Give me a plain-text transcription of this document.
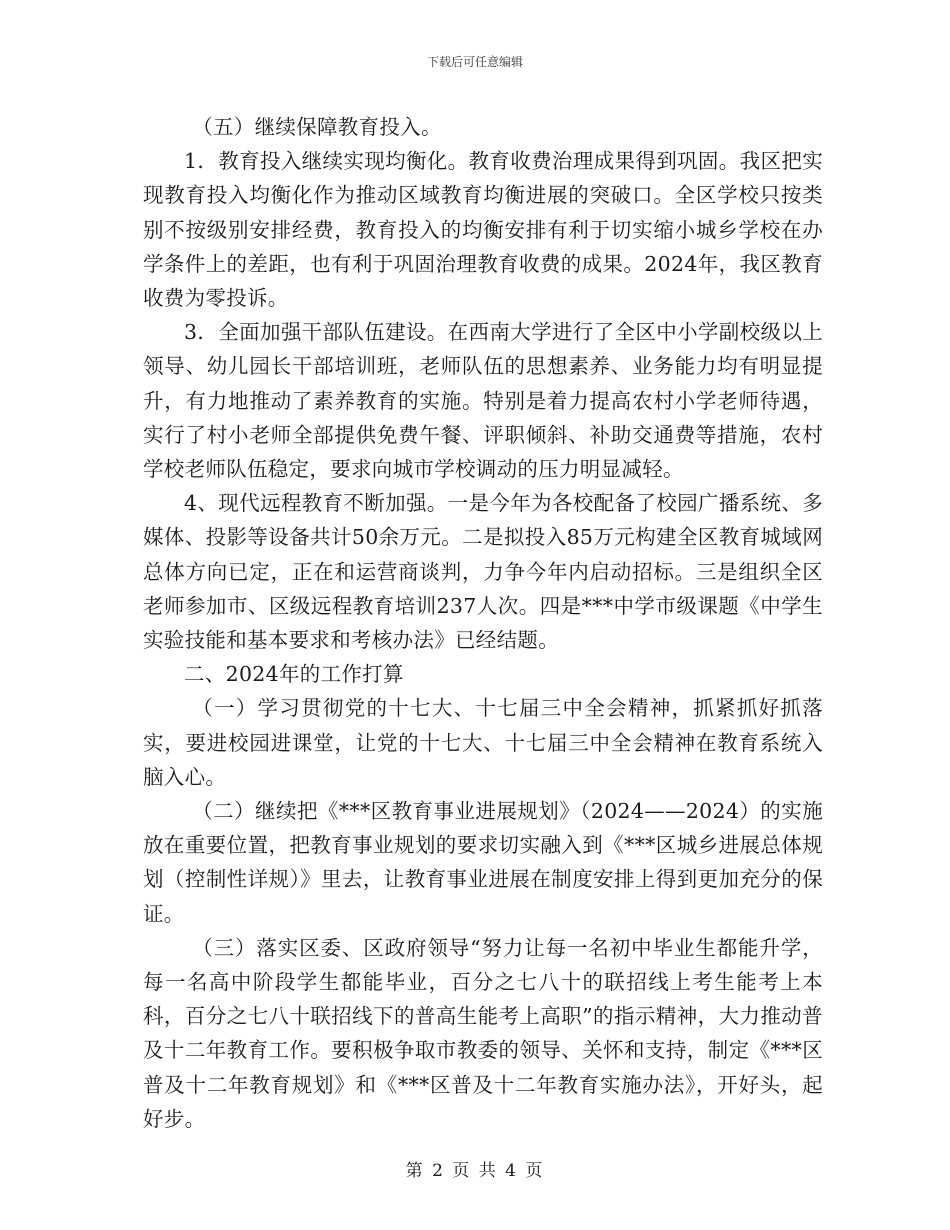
下载后可任意编辑

（五）继续保障教育投入。

1．教育投入继续实现均衡化。教育收费治理成果得到巩固。我区把实现教育投入均衡化作为推动区域教育均衡进展的突破口。全区学校只按类别不按级别安排经费，教育投入的均衡安排有利于切实缩小城乡学校在办学条件上的差距，也有利于巩固治理教育收费的成果。2024年，我区教育收费为零投诉。

3．全面加强干部队伍建设。在西南大学进行了全区中小学副校级以上领导、幼儿园长干部培训班，老师队伍的思想素养、业务能力均有明显提升，有力地推动了素养教育的实施。特别是着力提高农村小学老师待遇，实行了村小老师全部提供免费午餐、评职倾斜、补助交通费等措施，农村学校老师队伍稳定，要求向城市学校调动的压力明显减轻。

4、现代远程教育不断加强。一是今年为各校配备了校园广播系统、多媒体、投影等设备共计50余万元。二是拟投入85万元构建全区教育城域网总体方向已定，正在和运营商谈判，力争今年内启动招标。三是组织全区老师参加市、区级远程教育培训237人次。四是***中学市级课题《中学生实验技能和基本要求和考核办法》已经结题。

二、2024年的工作打算

（一）学习贯彻党的十七大、十七届三中全会精神，抓紧抓好抓落实，要进校园进课堂，让党的十七大、十七届三中全会精神在教育系统入脑入心。

（二）继续把《***区教育事业进展规划》（2024——2024）的实施放在重要位置，把教育事业规划的要求切实融入到《***区城乡进展总体规划（控制性详规）》里去，让教育事业进展在制度安排上得到更加充分的保证。

（三）落实区委、区政府领导“努力让每一名初中毕业生都能升学，每一名高中阶段学生都能毕业，百分之七八十的联招线上考生能考上本科，百分之七八十联招线下的普高生能考上高职”的指示精神，大力推动普及十二年教育工作。要积极争取市教委的领导、关怀和支持，制定《***区普及十二年教育规划》和《***区普及十二年教育实施办法》，开好头，起好步。

第 2 页 共 4 页
